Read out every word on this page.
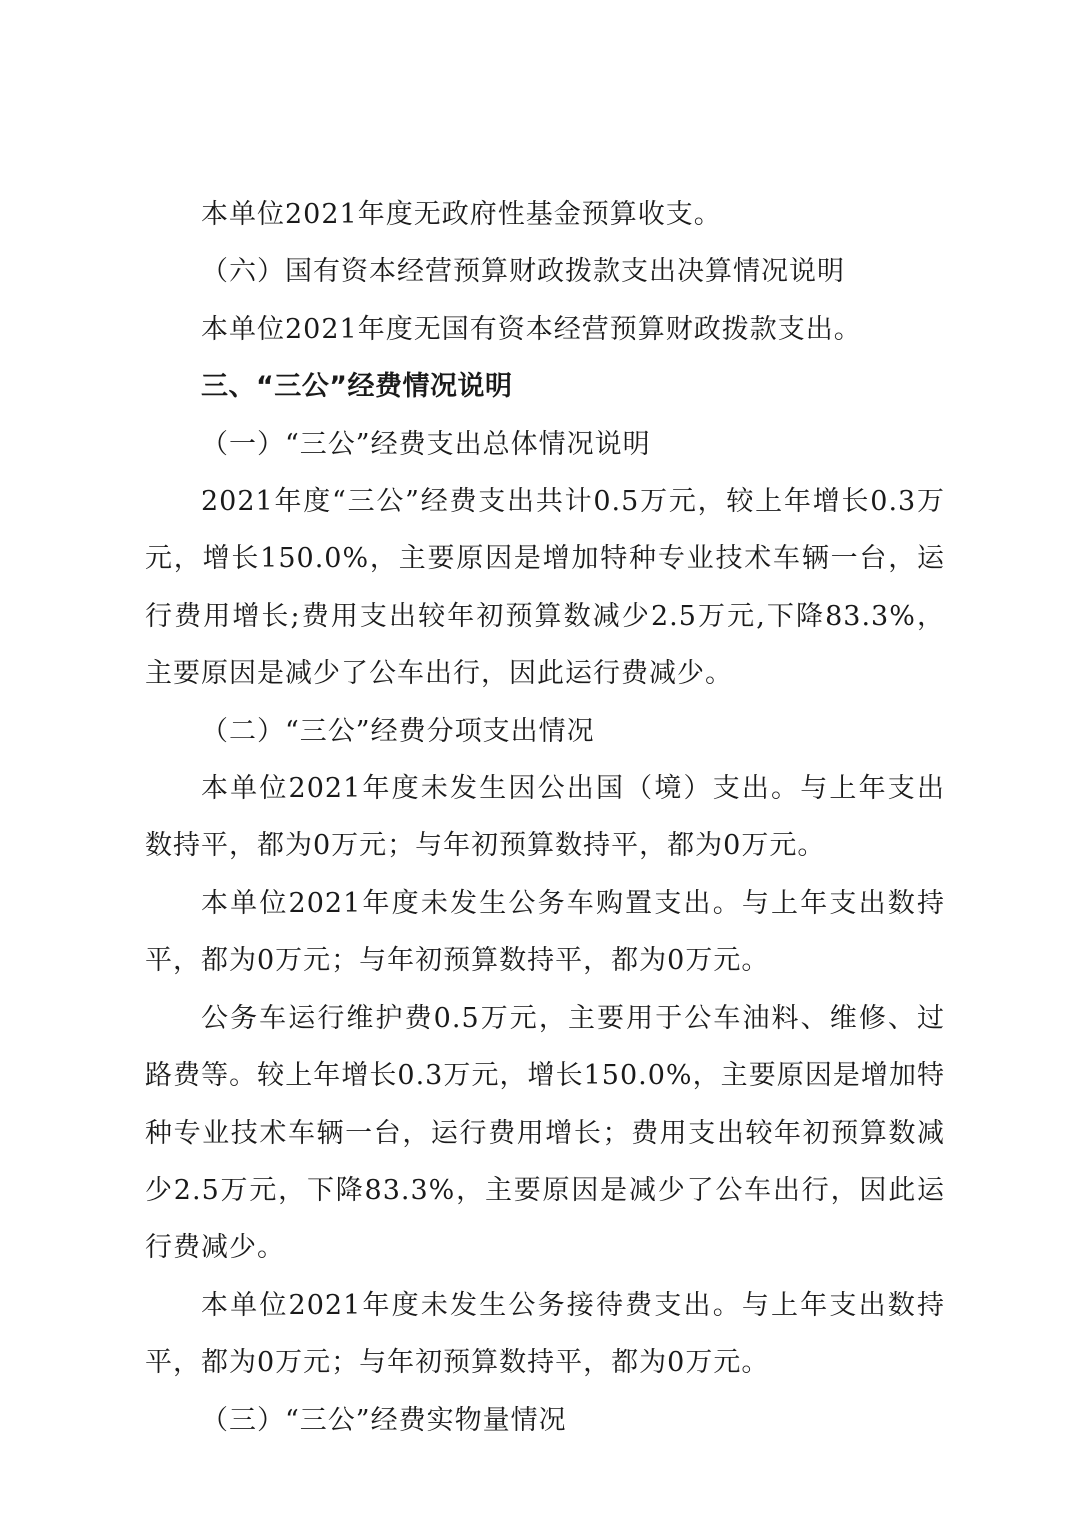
本单位2021年度无政府性基金预算收支。

（六）国有资本经营预算财政拨款支出决算情况说明

本单位2021年度无国有资本经营预算财政拨款支出。

三、“三公”经费情况说明

（一）“三公”经费支出总体情况说明

2021年度“三公”经费支出共计0.5万元，较上年增长0.3万元，增长150.0%，主要原因是增加特种专业技术车辆一台，运行费用增长;费用支出较年初预算数减少2.5万元,下降83.3%，主要原因是减少了公车出行，因此运行费减少。

（二）“三公”经费分项支出情况

本单位2021年度未发生因公出国（境）支出。与上年支出数持平，都为0万元；与年初预算数持平，都为0万元。

本单位2021年度未发生公务车购置支出。与上年支出数持平，都为0万元；与年初预算数持平，都为0万元。

公务车运行维护费0.5万元，主要用于公车油料、维修、过路费等。较上年增长0.3万元，增长150.0%，主要原因是增加特种专业技术车辆一台，运行费用增长；费用支出较年初预算数减少2.5万元，下降83.3%，主要原因是减少了公车出行，因此运行费减少。

本单位2021年度未发生公务接待费支出。与上年支出数持平，都为0万元；与年初预算数持平，都为0万元。

（三）“三公”经费实物量情况
